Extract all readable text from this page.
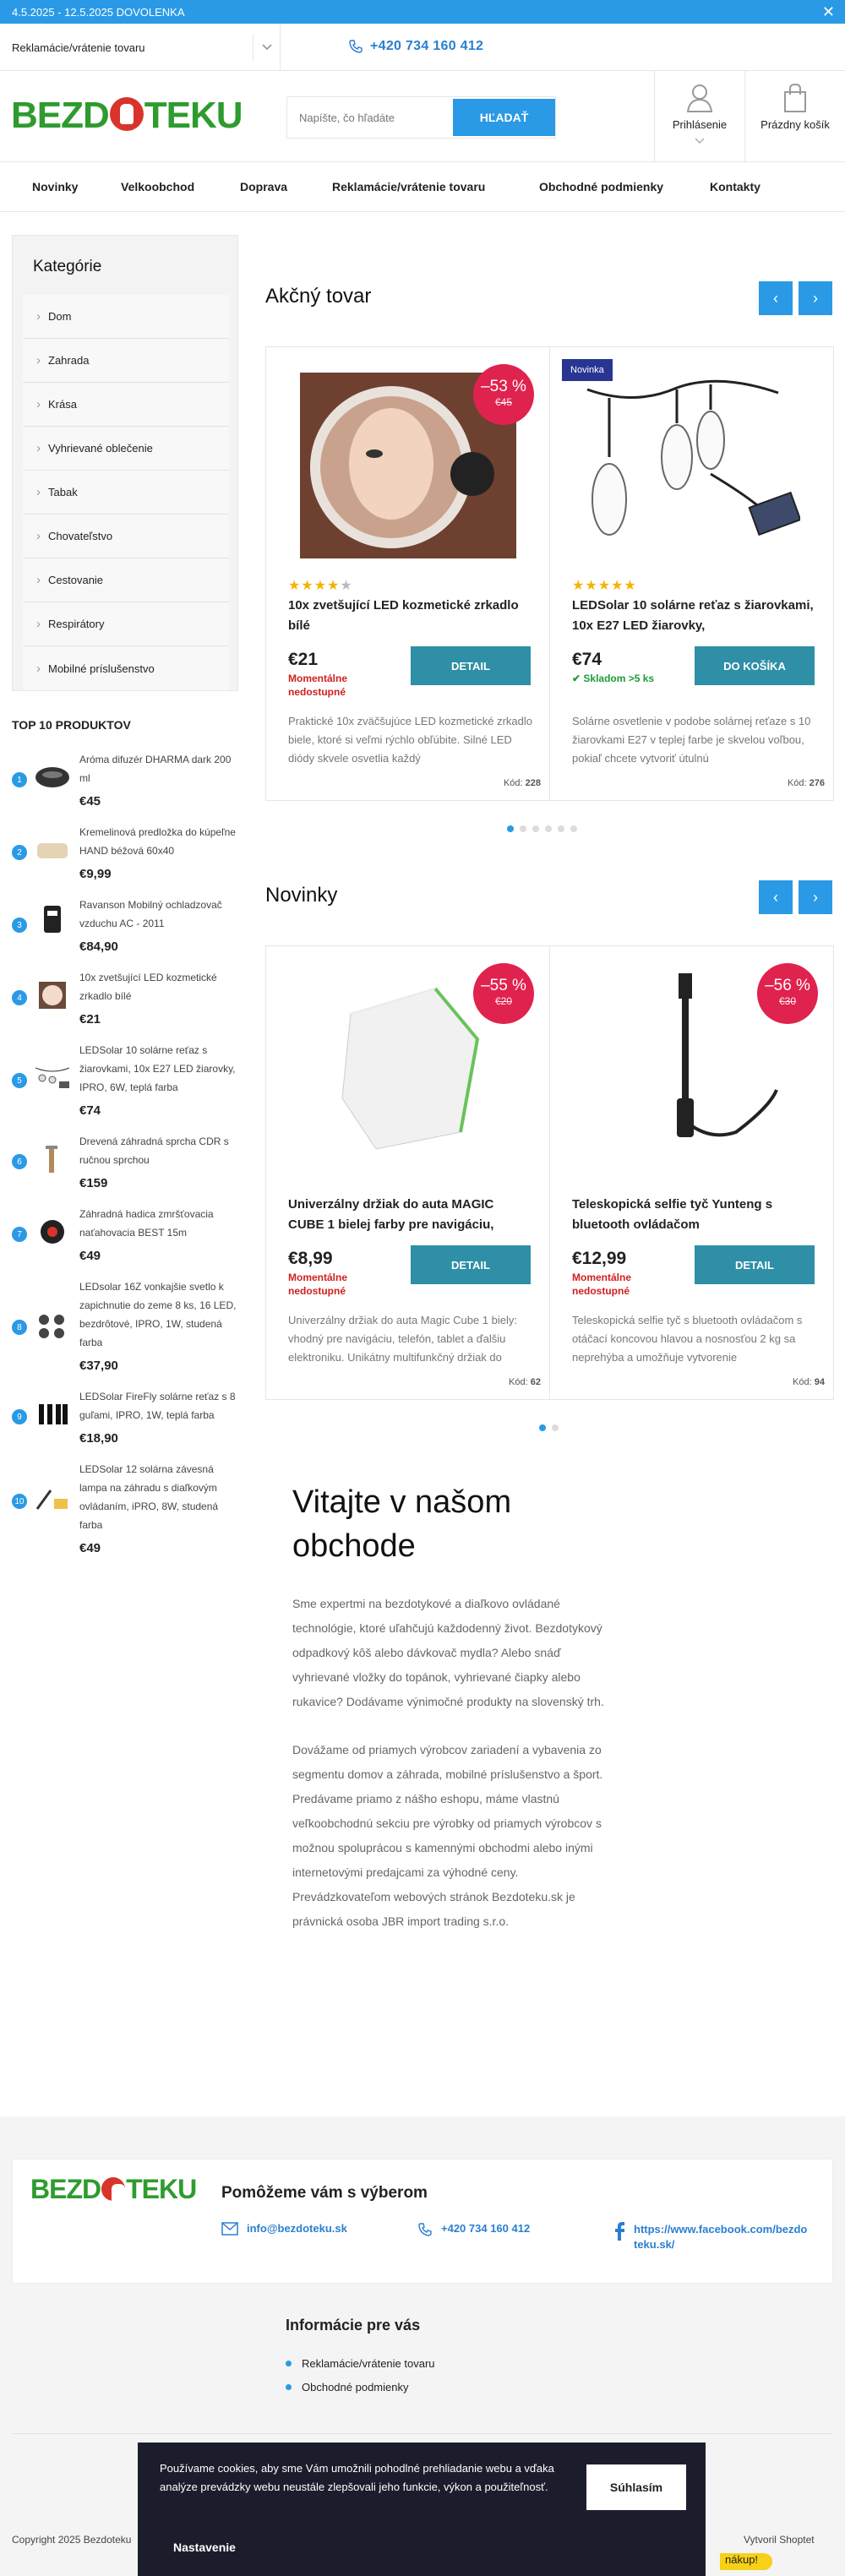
4.5.2025 - 12.5.2025 DOVOLENKA	✕
Reklamácie/vrátenie tovaru	+420 734 160 412
BEZD TEKU
Napíšte, čo hľadáte	HĽADAŤ
Prihlásenie	Prázdny košík
Novinky	Velkoobchod	Doprava	Reklamácie/vrátenie tovaru	Obchodné podmienky	Kontakty
Kategórie
› Dom
› Zahrada
› Krása
› Vyhrievané oblečenie
› Tabak
› Chovateľstvo
› Cestovanie
› Respirátory
› Mobilné príslušenstvo
TOP 10 PRODUKTOV
1
Aróma difuzér DHARMA dark 200 ml
€45
2
Kremelinová predložka do kúpeľne HAND béžová 60x40
€9,99
3
Ravanson Mobilný ochladzovač vzduchu AC - 2011
€84,90
4
10x zvetšující LED kozmetické zrkadlo bílé
€21
5
LEDSolar 10 solárne reťaz s žiarovkami, 10x E27 LED žiarovky, IPRO, 6W, teplá farba
€74
6
Drevená záhradná sprcha CDR s ručnou sprchou
€159
7
Záhradná hadica zmršťovacia naťahovacia BEST 15m
€49
8
LEDsolar 16Z vonkajšie svetlo k zapichnutie do zeme 8 ks, 16 LED, bezdrôtové, IPRO, 1W, studená farba
€37,90
9
LEDSolar FireFly solárne reťaz s 8 guľami, IPRO, 1W, teplá farba
€18,90
10
LEDSolar 12 solárna závesná lampa na záhradu s diaľkovým ovládaním, iPRO, 8W, studená farba
€49
Akčný tovar	‹	›
–53 %
€45
★★★★★
10x zvetšující LED kozmetické zrkadlo bílé
€21
Momentálne nedostupné
DETAIL
Praktické 10x zväčšujúce LED kozmetické zrkadlo biele, ktoré si veľmi rýchlo obľúbite. Silné LED diódy skvele osvetlia každý
Kód: 228
Novinka
★★★★★
LEDSolar 10 solárne reťaz s žiarovkami, 10x E27 LED žiarovky,
€74
✔ Skladom >5 ks
DO KOŠÍKA
Solárne osvetlenie v podobe solárnej reťaze s 10 žiarovkami E27 v teplej farbe je skvelou voľbou, pokiaľ chcete vytvoriť útulnú
Kód: 276
Novinky	‹	›
–55 %
€20
Univerzálny držiak do auta MAGIC CUBE 1 bielej farby pre navigáciu,
€8,99
Momentálne nedostupné
DETAIL
Univerzálny držiak do auta Magic Cube 1 biely: vhodný pre navigáciu, telefón, tablet a ďalšiu elektroniku. Unikátny multifunkčný držiak do
Kód: 62
–56 %
€30
Teleskopická selfie tyč Yunteng s bluetooth ovládačom
€12,99
Momentálne nedostupné
DETAIL
Teleskopická selfie tyč s bluetooth ovládačom s otáčací koncovou hlavou a nosnosťou 2 kg sa neprehýba a umožňuje vytvorenie
Kód: 94
Vitajte v našom obchode

Sme expertmi na bezdotykové a diaľkovo ovládané technológie, ktoré uľahčujú každodenný život. Bezdotykový odpadkový kôš alebo dávkovač mydla? Alebo snáď vyhrievané vložky do topánok, vyhrievané čiapky alebo rukavice? Dodávame výnimočné produkty na slovenský trh.

Dovážame od priamych výrobcov zariadení a vybavenia zo segmentu domov a záhrada, mobilné príslušenstvo a šport. Predávame priamo z nášho eshopu, máme vlastnú veľkoobchodnú sekciu pre výrobky od priamych výrobcov s možnou spoluprácou s kamennými obchodmi alebo inými internetovými predajcami za výhodné ceny. Prevádzkovateľom webových stránok Bezdoteku.sk je právnická osoba JBR import trading s.r.o.

BEZD TEKU Pomôžeme vám s výberom
info@bezdoteku.sk	+420 734 160 412	https://www.facebook.com/bezdoteku.sk/
Informácie pre vás
Reklamácie/vrátenie tovaru
Obchodné podmienky
Copyright 2025 Bezdoteku	Vytvoril Shoptet

Používame cookies, aby sme Vám umožnili pohodlné prehliadanie webu a vďaka analýze prevádzky webu neustále zlepšovali jeho funkcie, výkon a použiteľnosť.	Súhlasím
Nastavenie
nákup!
